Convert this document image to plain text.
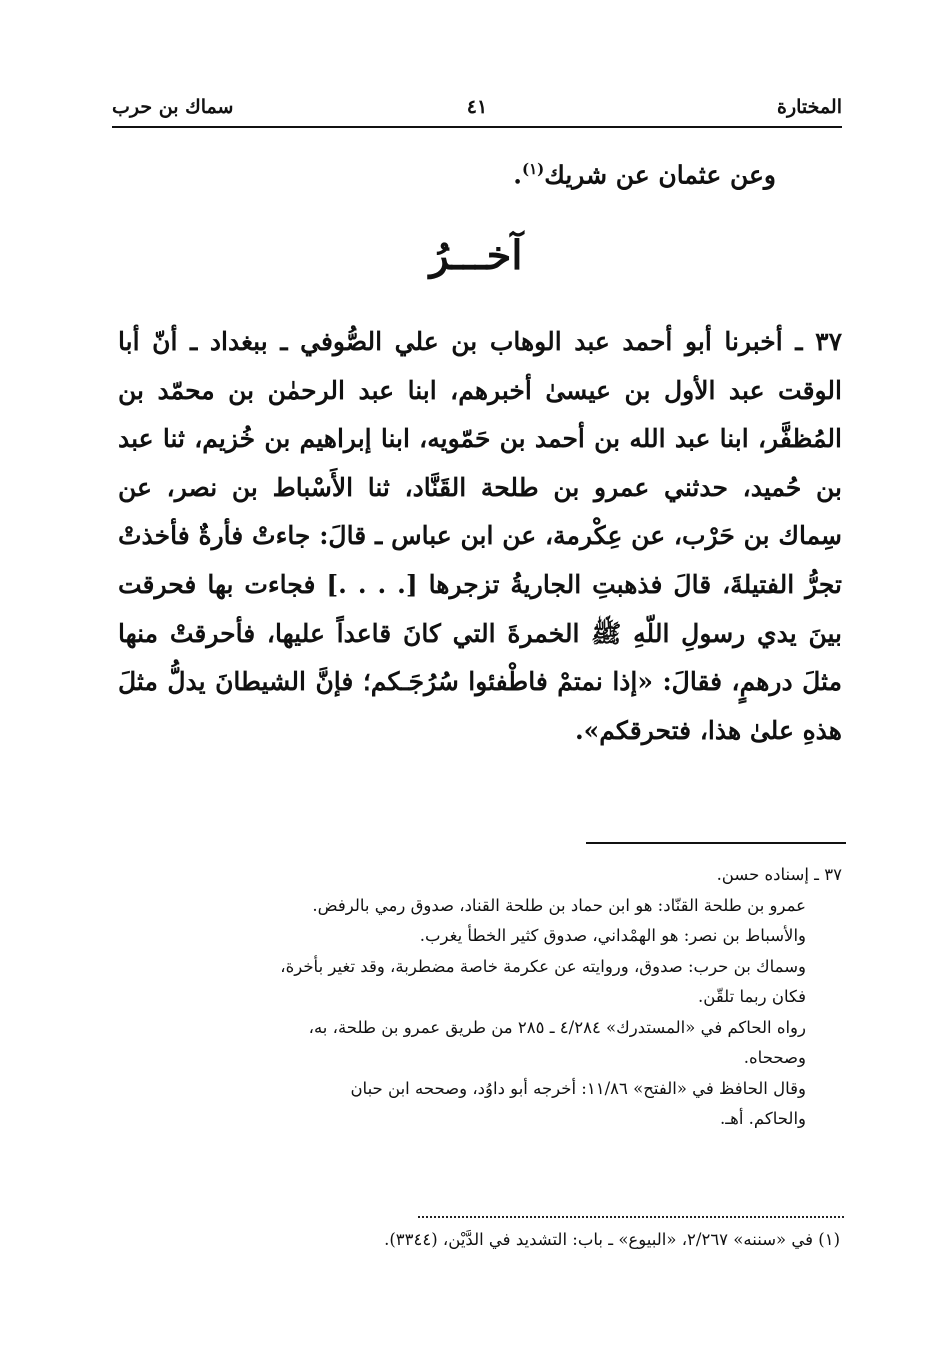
المختارة
٤١
سماك بن حرب
وعن عثمان عن شريك$^{(١)}$.
آخـــرُ
٣٧ ـ أخبرنا أبو أحمد عبد الوهاب بن علي الصُّوفي ـ ببغداد ـ أنّ أبا الوقت عبد الأول بن عيسىٰ أخبرهم، ابنا عبد الرحمٰن بن محمّد بن المُظفَّر، ابنا عبد الله بن أحمد بن حَمّويه، ابنا إبراهيم بن خُزيم، ثنا عبد بن حُميد، حدثني عمرو بن طلحة القَنَّاد، ثنا الأَسْباط بن نصر، عن سِماك بن حَرْب، عن عِكْرمة، عن ابن عباس ـ قالَ: جاءتْ فأرةٌ فأخذتْ تجرُّ الفتيلةَ، قالَ فذهبتِ الجاريةُ تزجرها [. . . .] فجاءت بها فحرقت بينَ يدي رسولِ اللّهِ ﷺ الخمرةَ التي كانَ قاعداً عليها، فأحرقتْ منها مثلَ درهمٍ، فقالَ: «إذا نمتمْ فاطْفئوا سُرُجَـكم؛ فإنَّ الشيطانَ يدلُّ مثلَ هذهِ علىٰ هذا، فتحرقكم».

٣٧ ـ إسناده حسن.

عمرو بن طلحة القنّاد: هو ابن حماد بن طلحة القناد، صدوق رمي بالرفض.

والأسباط بن نصر: هو الهمْداني، صدوق كثير الخطأ يغرب.

وسماك بن حرب: صدوق، وروايته عن عكرمة خاصة مضطربة، وقد تغير بأخرة،

فكان ربما تلقّن.

رواه الحاكم في «المستدرك» ٤/٢٨٤ ـ ٢٨٥ من طريق عمرو بن طلحة، به،

وصححاه.

وقال الحافظ في «الفتح» ١١/٨٦: أخرجه أبو داوُد، وصححه ابن حبان

والحاكم. أهـ.

(١) في «سننه» ٢/٢٦٧، «البيوع» ـ باب: التشديد في الدَّيْن، (٣٣٤٤).
